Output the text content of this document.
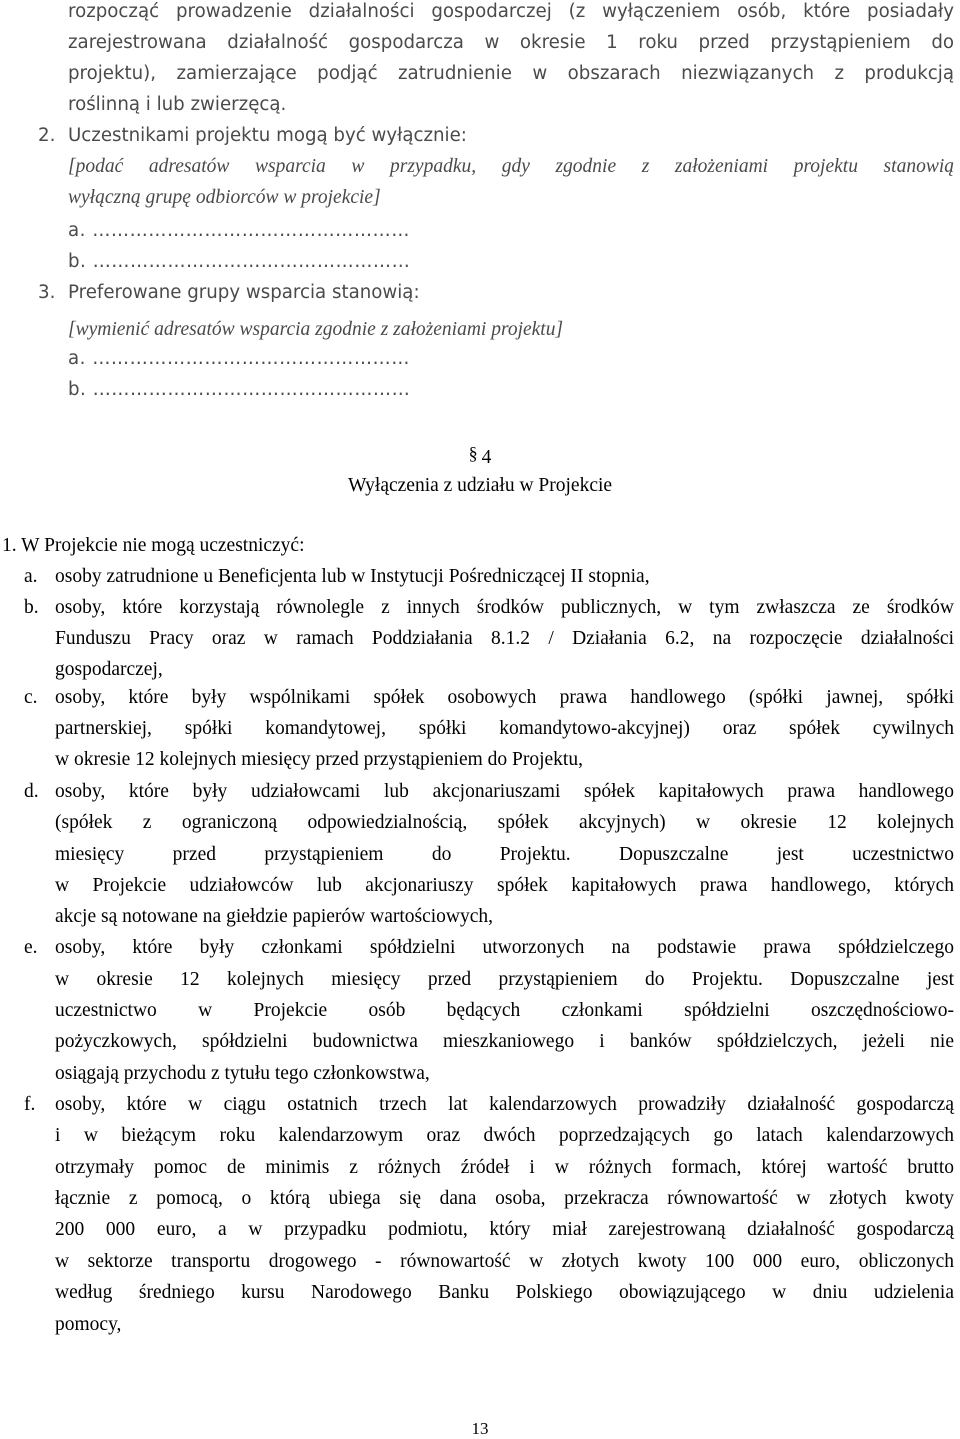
rozpocząć prowadzenie działalności gospodarczej (z wyłączeniem osób, które posiadały
zarejestrowana działalność gospodarcza w okresie 1 roku przed przystąpieniem do
projektu), zamierzające podjąć zatrudnienie w obszarach niezwiązanych z produkcją
roślinną i lub zwierzęcą.
2. Uczestnikami projektu mogą być wyłącznie:
[podać adresatów wsparcia w przypadku, gdy zgodnie z założeniami projektu stanowią
wyłączną grupę odbiorców w projekcie]
a. ……………………………………………
b. ……………………………………………
3. Preferowane grupy wsparcia stanowią:
[wymienić adresatów wsparcia zgodnie z założeniami projektu]
a. ……………………………………………
b. ……………………………………………
§ 4
Wyłączenia z udziału w Projekcie
1. W Projekcie nie mogą uczestniczyć:
a. osoby zatrudnione u Beneficjenta lub w Instytucji Pośredniczącej II stopnia,
b. osoby, które korzystają równolegle z innych środków publicznych, w tym zwłaszcza ze środków
Funduszu Pracy oraz w ramach Poddziałania 8.1.2 / Działania 6.2, na rozpoczęcie działalności
gospodarczej,
c. osoby, które były wspólnikami spółek osobowych prawa handlowego (spółki jawnej, spółki
partnerskiej, spółki komandytowej, spółki komandytowo-akcyjnej) oraz spółek cywilnych
w okresie 12 kolejnych miesięcy przed przystąpieniem do Projektu,
d. osoby, które były udziałowcami lub akcjonariuszami spółek kapitałowych prawa handlowego
(spółek z ograniczoną odpowiedzialnością, spółek akcyjnych) w okresie 12 kolejnych
miesięcy przed przystąpieniem do Projektu. Dopuszczalne jest uczestnictwo
w Projekcie udziałowców lub akcjonariuszy spółek kapitałowych prawa handlowego, których
akcje są notowane na giełdzie papierów wartościowych,
e. osoby, które były członkami spółdzielni utworzonych na podstawie prawa spółdzielczego
w okresie 12 kolejnych miesięcy przed przystąpieniem do Projektu. Dopuszczalne jest
uczestnictwo w Projekcie osób będących członkami spółdzielni oszczędnościowo-
pożyczkowych, spółdzielni budownictwa mieszkaniowego i banków spółdzielczych, jeżeli nie
osiągają przychodu z tytułu tego członkowstwa,
f. osoby, które w ciągu ostatnich trzech lat kalendarzowych prowadziły działalność gospodarczą
i w bieżącym roku kalendarzowym oraz dwóch poprzedzających go latach kalendarzowych
otrzymały pomoc de minimis z różnych źródeł i w różnych formach, której wartość brutto
łącznie z pomocą, o którą ubiega się dana osoba, przekracza równowartość w złotych kwoty
200 000 euro, a w przypadku podmiotu, który miał zarejestrowaną działalność gospodarczą
w sektorze transportu drogowego - równowartość w złotych kwoty 100 000 euro, obliczonych
według średniego kursu Narodowego Banku Polskiego obowiązującego w dniu udzielenia
pomocy,
13
